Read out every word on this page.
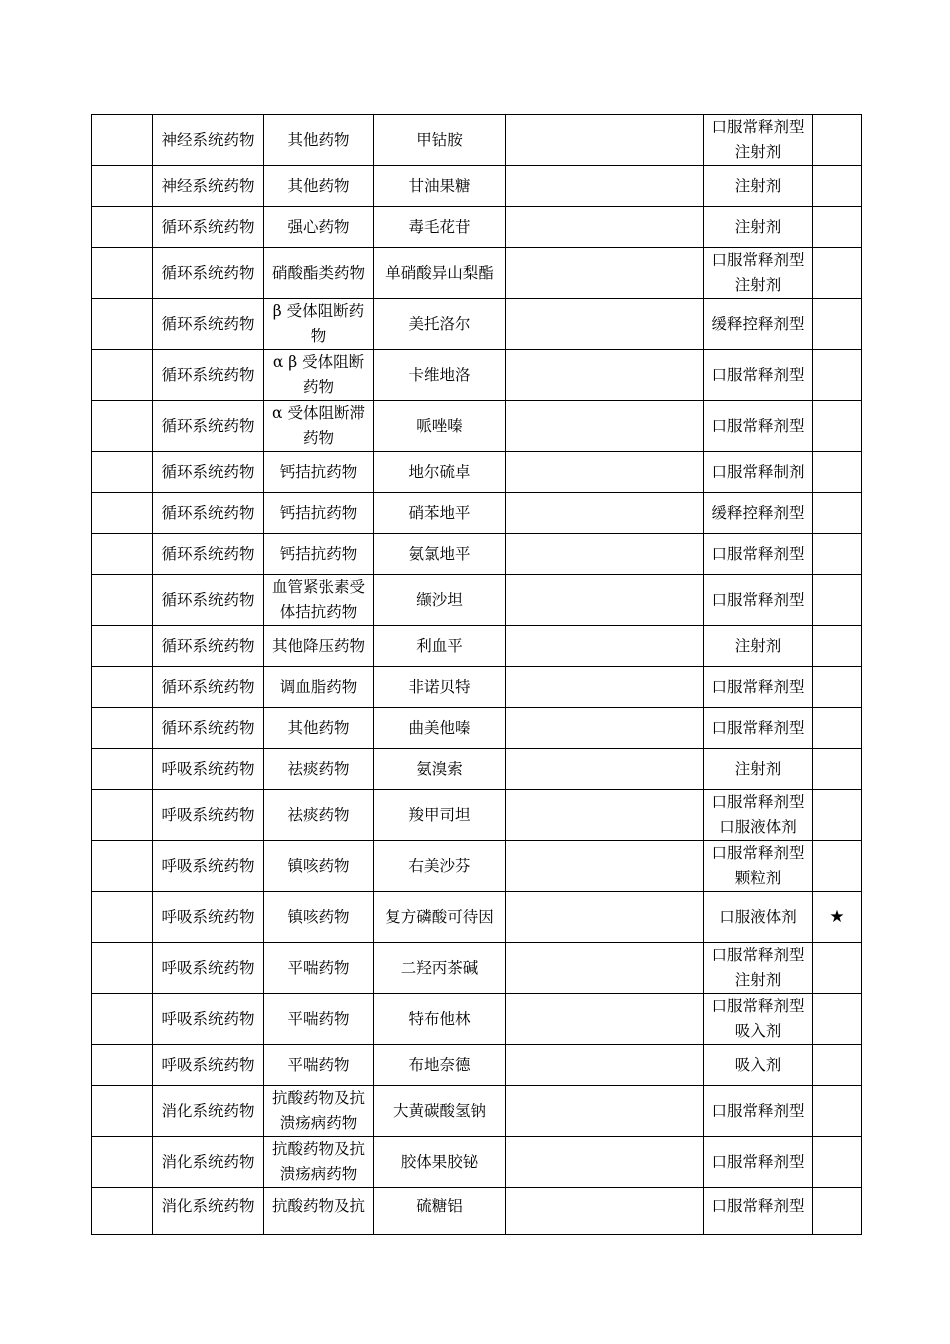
	神经系统药物	其他药物	甲钴胺		口服常释剂型
注射剂	

	神经系统药物	其他药物	甘油果糖		注射剂	

	循环系统药物	强心药物	毒毛花苷		注射剂	

	循环系统药物	硝酸酯类药物	单硝酸异山梨酯		口服常释剂型
注射剂	

	循环系统药物	β 受体阻断药物	美托洛尔		缓释控释剂型	

	循环系统药物	α β 受体阻断药物	卡维地洛		口服常释剂型	

	循环系统药物	α 受体阻断滞药物	哌唑嗪		口服常释剂型	

	循环系统药物	钙拮抗药物	地尔硫卓		口服常释制剂	

	循环系统药物	钙拮抗药物	硝苯地平		缓释控释剂型	

	循环系统药物	钙拮抗药物	氨氯地平		口服常释剂型	

	循环系统药物	血管紧张素受体拮抗药物	缬沙坦		口服常释剂型	

	循环系统药物	其他降压药物	利血平		注射剂	

	循环系统药物	调血脂药物	非诺贝特		口服常释剂型	

	循环系统药物	其他药物	曲美他嗪		口服常释剂型	

	呼吸系统药物	祛痰药物	氨溴索		注射剂	

	呼吸系统药物	祛痰药物	羧甲司坦		口服常释剂型
口服液体剂	

	呼吸系统药物	镇咳药物	右美沙芬		口服常释剂型
颗粒剂	

	呼吸系统药物	镇咳药物	复方磷酸可待因		口服液体剂	★
	呼吸系统药物	平喘药物	二羟丙茶碱		口服常释剂型
注射剂	

	呼吸系统药物	平喘药物	特布他林		口服常释剂型
吸入剂	

	呼吸系统药物	平喘药物	布地奈德		吸入剂	

	消化系统药物	抗酸药物及抗溃疡病药物	大黄碳酸氢钠		口服常释剂型	

	消化系统药物	抗酸药物及抗溃疡病药物	胶体果胶铋		口服常释剂型	

	消化系统药物	抗酸药物及抗	硫糖铝		口服常释剂型	
